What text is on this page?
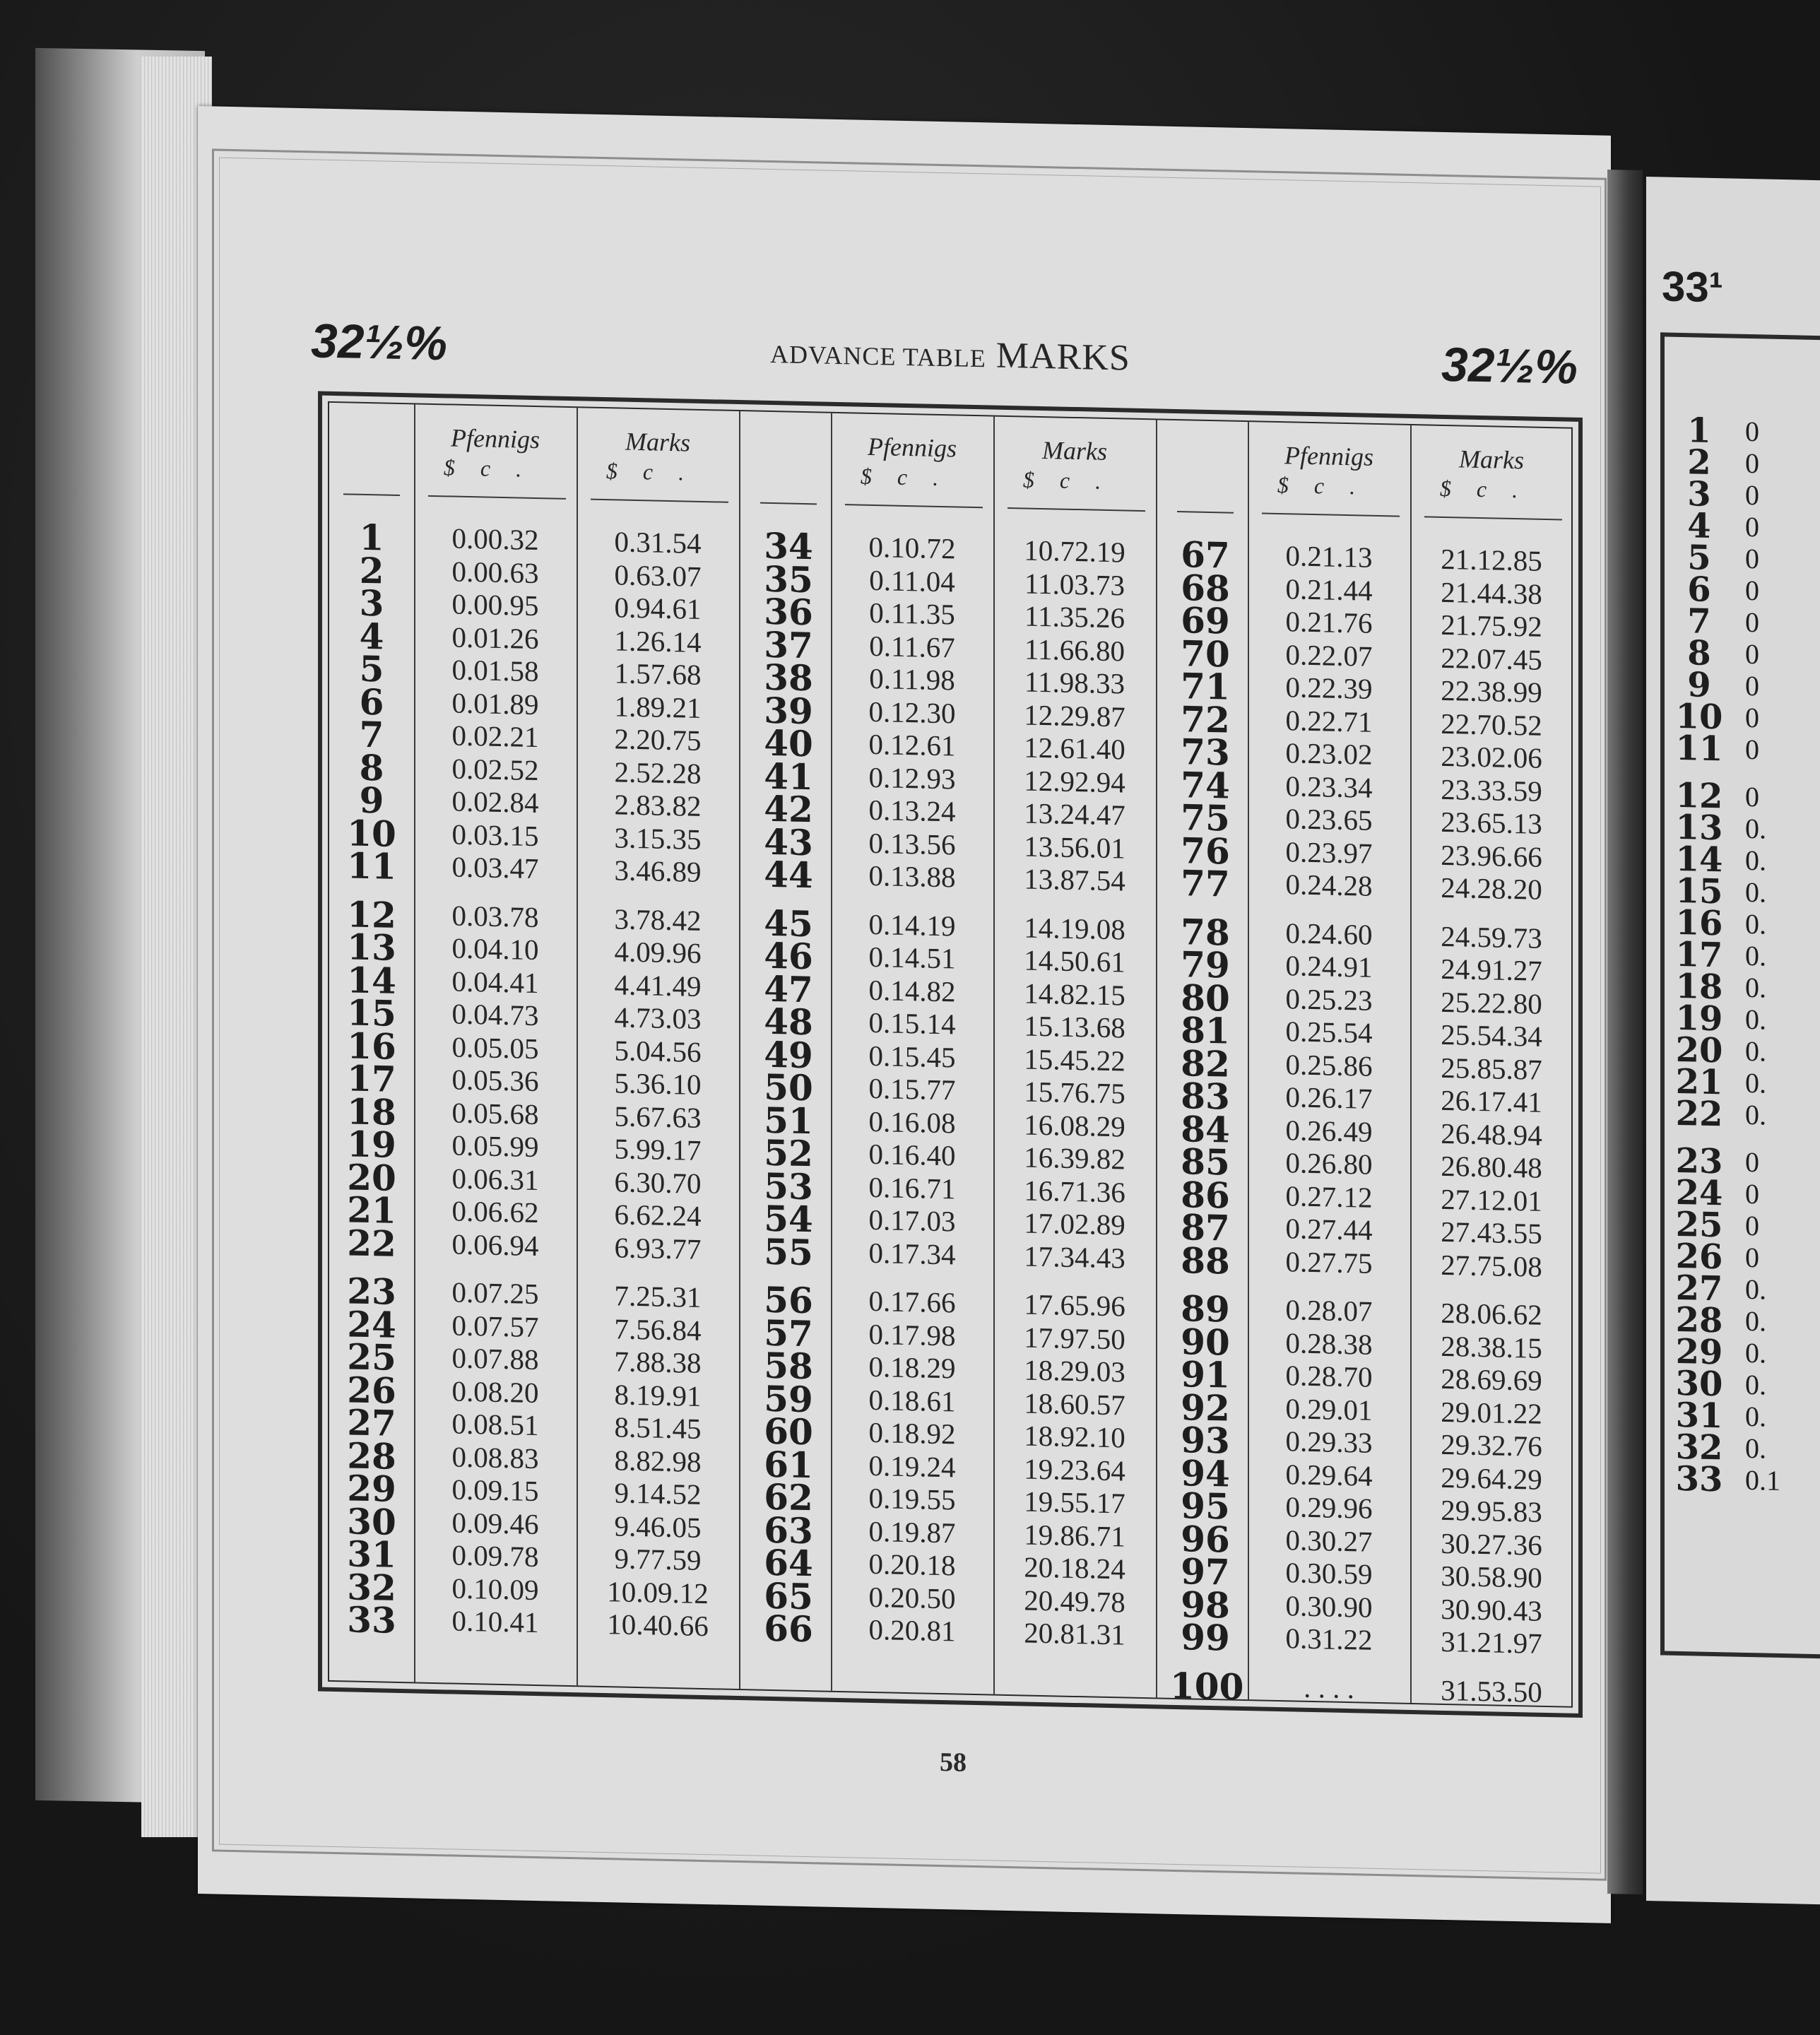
32½%	ADVANCE TABLE MARKS	32½%
Pfennigs
$c.
Marks
$c.
1	0.00.32	0.31.54
2	0.00.63	0.63.07
3	0.00.95	0.94.61
4	0.01.26	1.26.14
5	0.01.58	1.57.68
6	0.01.89	1.89.21
7	0.02.21	2.20.75
8	0.02.52	2.52.28
9	0.02.84	2.83.82
10	0.03.15	3.15.35
11	0.03.47	3.46.89
12	0.03.78	3.78.42
13	0.04.10	4.09.96
14	0.04.41	4.41.49
15	0.04.73	4.73.03
16	0.05.05	5.04.56
17	0.05.36	5.36.10
18	0.05.68	5.67.63
19	0.05.99	5.99.17
20	0.06.31	6.30.70
21	0.06.62	6.62.24
22	0.06.94	6.93.77
23	0.07.25	7.25.31
24	0.07.57	7.56.84
25	0.07.88	7.88.38
26	0.08.20	8.19.91
27	0.08.51	8.51.45
28	0.08.83	8.82.98
29	0.09.15	9.14.52
30	0.09.46	9.46.05
31	0.09.78	9.77.59
32	0.10.09	10.09.12
33	0.10.41	10.40.66
Pfennigs
$c.
Marks
$c.
34	0.10.72	10.72.19
35	0.11.04	11.03.73
36	0.11.35	11.35.26
37	0.11.67	11.66.80
38	0.11.98	11.98.33
39	0.12.30	12.29.87
40	0.12.61	12.61.40
41	0.12.93	12.92.94
42	0.13.24	13.24.47
43	0.13.56	13.56.01
44	0.13.88	13.87.54
45	0.14.19	14.19.08
46	0.14.51	14.50.61
47	0.14.82	14.82.15
48	0.15.14	15.13.68
49	0.15.45	15.45.22
50	0.15.77	15.76.75
51	0.16.08	16.08.29
52	0.16.40	16.39.82
53	0.16.71	16.71.36
54	0.17.03	17.02.89
55	0.17.34	17.34.43
56	0.17.66	17.65.96
57	0.17.98	17.97.50
58	0.18.29	18.29.03
59	0.18.61	18.60.57
60	0.18.92	18.92.10
61	0.19.24	19.23.64
62	0.19.55	19.55.17
63	0.19.87	19.86.71
64	0.20.18	20.18.24
65	0.20.50	20.49.78
66	0.20.81	20.81.31
Pfennigs
$c.
Marks
$c.
67	0.21.13	21.12.85
68	0.21.44	21.44.38
69	0.21.76	21.75.92
70	0.22.07	22.07.45
71	0.22.39	22.38.99
72	0.22.71	22.70.52
73	0.23.02	23.02.06
74	0.23.34	23.33.59
75	0.23.65	23.65.13
76	0.23.97	23.96.66
77	0.24.28	24.28.20
78	0.24.60	24.59.73
79	0.24.91	24.91.27
80	0.25.23	25.22.80
81	0.25.54	25.54.34
82	0.25.86	25.85.87
83	0.26.17	26.17.41
84	0.26.49	26.48.94
85	0.26.80	26.80.48
86	0.27.12	27.12.01
87	0.27.44	27.43.55
88	0.27.75	27.75.08
89	0.28.07	28.06.62
90	0.28.38	28.38.15
91	0.28.70	28.69.69
92	0.29.01	29.01.22
93	0.29.33	29.32.76
94	0.29.64	29.64.29
95	0.29.96	29.95.83
96	0.30.27	30.27.36
97	0.30.59	30.58.90
98	0.30.90	30.90.43
99	0.31.22	31.21.97
100	. . . .	31.53.50
58
33¹
1	0
2	0
3	0
4	0
5	0
6	0
7	0
8	0
9	0
10 0
11 0
12 0
13 0.
14 0.
15 0.
16 0.
17 0.
18 0.
19 0.
20 0.
21 0.
22 0.
23 0
24 0
25 0
26 0
27 0.
28 0.
29 0.
30 0.
31 0.
32 0.
33 0.1
